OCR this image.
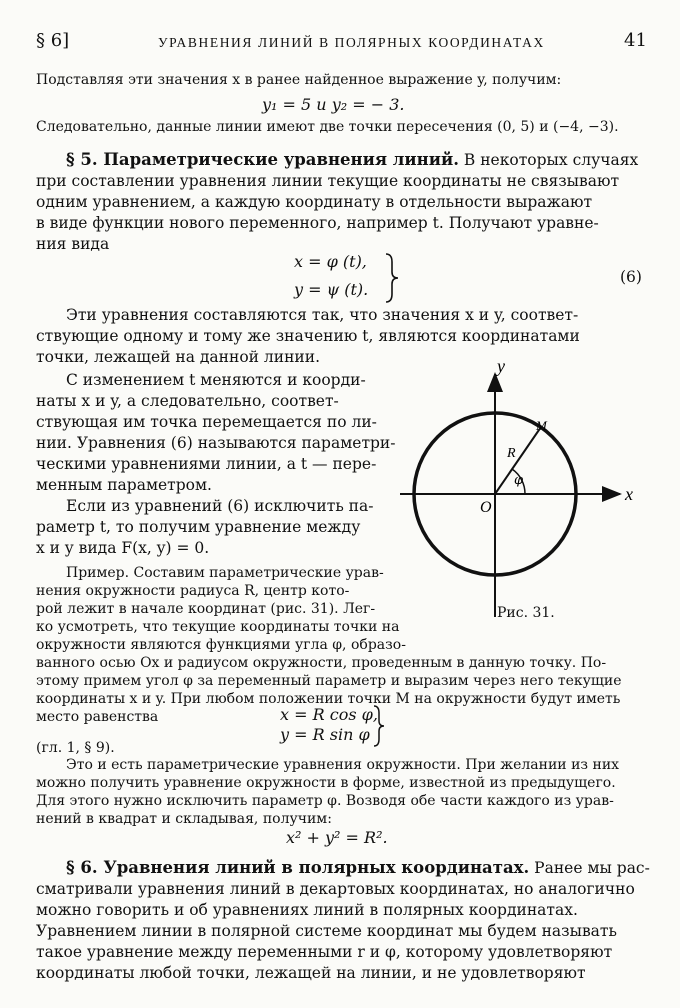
§ 6]	УРАВНЕНИЯ ЛИНИЙ В ПОЛЯРНЫХ КООРДИНАТАХ	41
Подставляя эти значения x в ранее найденное выражение y, получим:
y₁ = 5 и y₂ = − 3.
Следовательно, данные линии имеют две точки пересечения (0, 5) и (−4, −3).
§ 5. Параметрические уравнения линий. В некоторых случаях
при составлении уравнения линии текущие координаты не связывают
одним уравнением, а каждую координату в отдельности выражают
в виде функции нового переменного, например t. Получают уравне-
ния вида
x = φ (t),
y = ψ (t).
(6)
Эти уравнения составляются так, что значения x и y, соответ-
ствующие одному и тому же значению t, являются координатами
точки, лежащей на данной линии.
С изменением t меняются и коорди-
наты x и y, а следовательно, соответ-
ствующая им точка перемещается по ли-
нии. Уравнения (6) называются параметри-
ческими уравнениями линии, а t — пере-
менным параметром.
Если из уравнений (6) исключить па-
раметр t, то получим уравнение между
x и y вида F(x, y) = 0.
Пример. Составим параметрические урав-
нения окружности радиуса R, центр кото-
рой лежит в начале координат (рис. 31). Лег-
ко усмотреть, что текущие координаты точки на
окружности являются функциями угла φ, образо-
ванного осью Ox и радиусом окружности, проведенным в данную точку. По-
этому примем угол φ за переменный параметр и выразим через него текущие
координаты x и y. При любом положении точки M на окружности будут иметь
место равенства	x = R cos φ,
y = R sin φ
(гл. 1, § 9).
Это и есть параметрические уравнения окружности. При желании из них
можно получить уравнение окружности в форме, известной из предыдущего.
Для этого нужно исключить параметр φ. Возводя обе части каждого из урав-
нений в квадрат и складывая, получим:
x² + y² = R².
y
x
O
R
M
φ
Рис. 31.
§ 6. Уравнения линий в полярных координатах. Ранее мы рас-
сматривали уравнения линий в декартовых координатах, но аналогично
можно говорить и об уравнениях линий в полярных координатах.
Уравнением линии в полярной системе координат мы будем называть
такое уравнение между переменными r и φ, которому удовлетворяют
координаты любой точки, лежащей на линии, и не удовлетворяют
